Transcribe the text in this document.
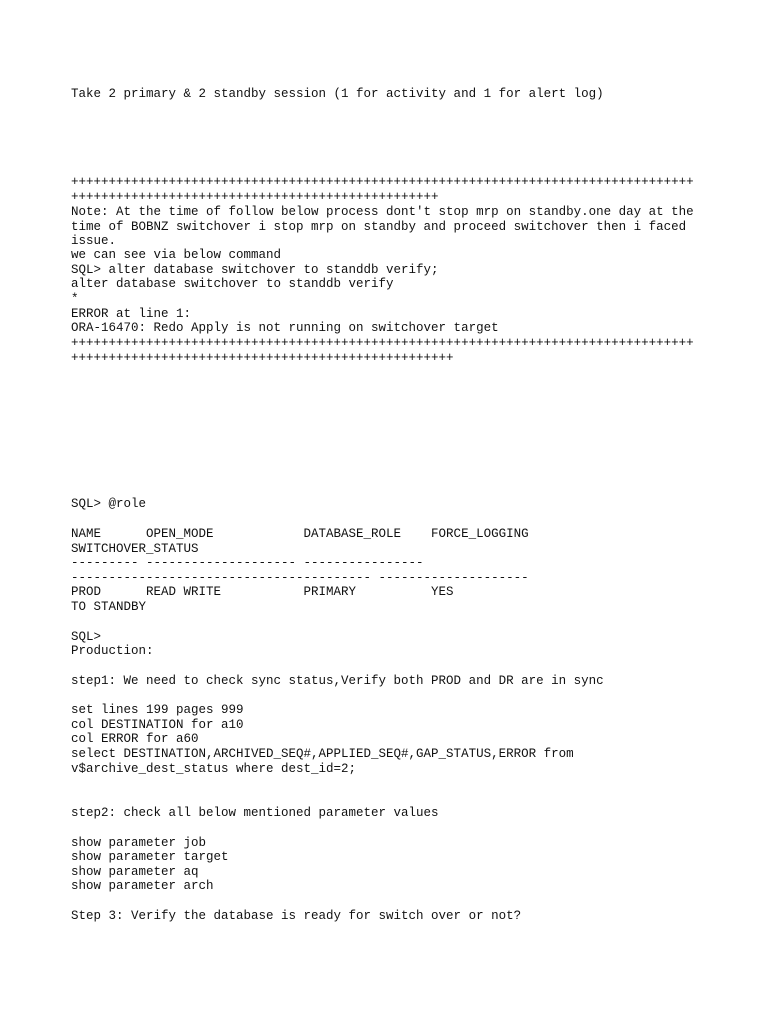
Take 2 primary & 2 standby session (1 for activity and 1 for alert log)

+++++++++++++++++++++++++++++++++++++++++++++++++++++++++++++++++++++++++++++++++++

+++++++++++++++++++++++++++++++++++++++++++++++++

Note: At the time of follow below process dont't stop mrp on standby.one day at the

time of BOBNZ switchover i stop mrp on standby and proceed switchover then i faced

issue.

we can see via below command

SQL> alter database switchover to standdb verify;

alter database switchover to standdb verify

*

ERROR at line 1:

ORA-16470: Redo Apply is not running on switchover target

+++++++++++++++++++++++++++++++++++++++++++++++++++++++++++++++++++++++++++++++++++

+++++++++++++++++++++++++++++++++++++++++++++++++++

SQL> @role

NAME      OPEN_MODE            DATABASE_ROLE    FORCE_LOGGING

SWITCHOVER_STATUS

--------- -------------------- ----------------

---------------------------------------- --------------------

PROD      READ WRITE           PRIMARY          YES

TO STANDBY

SQL>

Production:

step1: We need to check sync status,Verify both PROD and DR are in sync

set lines 199 pages 999

col DESTINATION for a10

col ERROR for a60

select DESTINATION,ARCHIVED_SEQ#,APPLIED_SEQ#,GAP_STATUS,ERROR from

v$archive_dest_status where dest_id=2;

step2: check all below mentioned parameter values

show parameter job

show parameter target

show parameter aq

show parameter arch

Step 3: Verify the database is ready for switch over or not?
